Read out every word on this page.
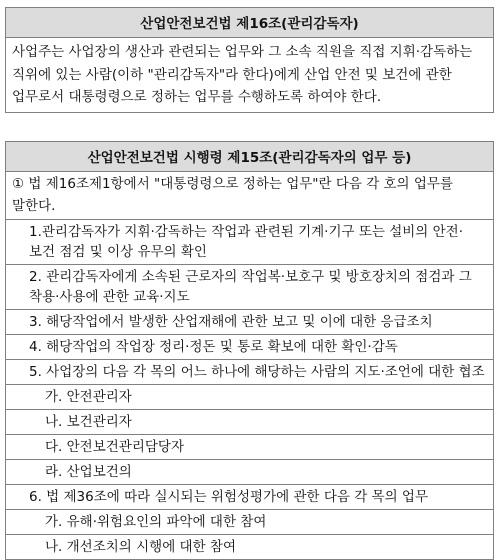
산업안전보건법 제16조(관리감독자)
사업주는 사업장의 생산과 관련되는 업무와 그 소속 직원을 직접 지휘·감독하는 직위에 있는 사람(이하 "관리감독자"라 한다)에게 산업 안전 및 보건에 관한 업무로서 대통령령으로 정하는 업무를 수행하도록 하여야 한다.
산업안전보건법 시행령 제15조(관리감독자의 업무 등)
① 법 제16조제1항에서 "대통령령으로 정하는 업무"란 다음 각 호의 업무를 말한다.
1.관리감독자가 지휘·감독하는 작업과 관련된 기계·기구 또는 설비의 안전·보건 점검 및 이상 유무의 확인
2. 관리감독자에게 소속된 근로자의 작업복·보호구 및 방호장치의 점검과 그 착용·사용에 관한 교육·지도
3. 해당작업에서 발생한 산업재해에 관한 보고 및 이에 대한 응급조치
4. 해당작업의 작업장 정리·정돈 및 통로 확보에 대한 확인·감독
5. 사업장의 다음 각 목의 어느 하나에 해당하는 사람의 지도·조언에 대한 협조
가. 안전관리자
나. 보건관리자
다. 안전보건관리담당자
라. 산업보건의
6. 법 제36조에 따라 실시되는 위험성평가에 관한 다음 각 목의 업무
가. 유해·위험요인의 파악에 대한 참여
나. 개선조치의 시행에 대한 참여
